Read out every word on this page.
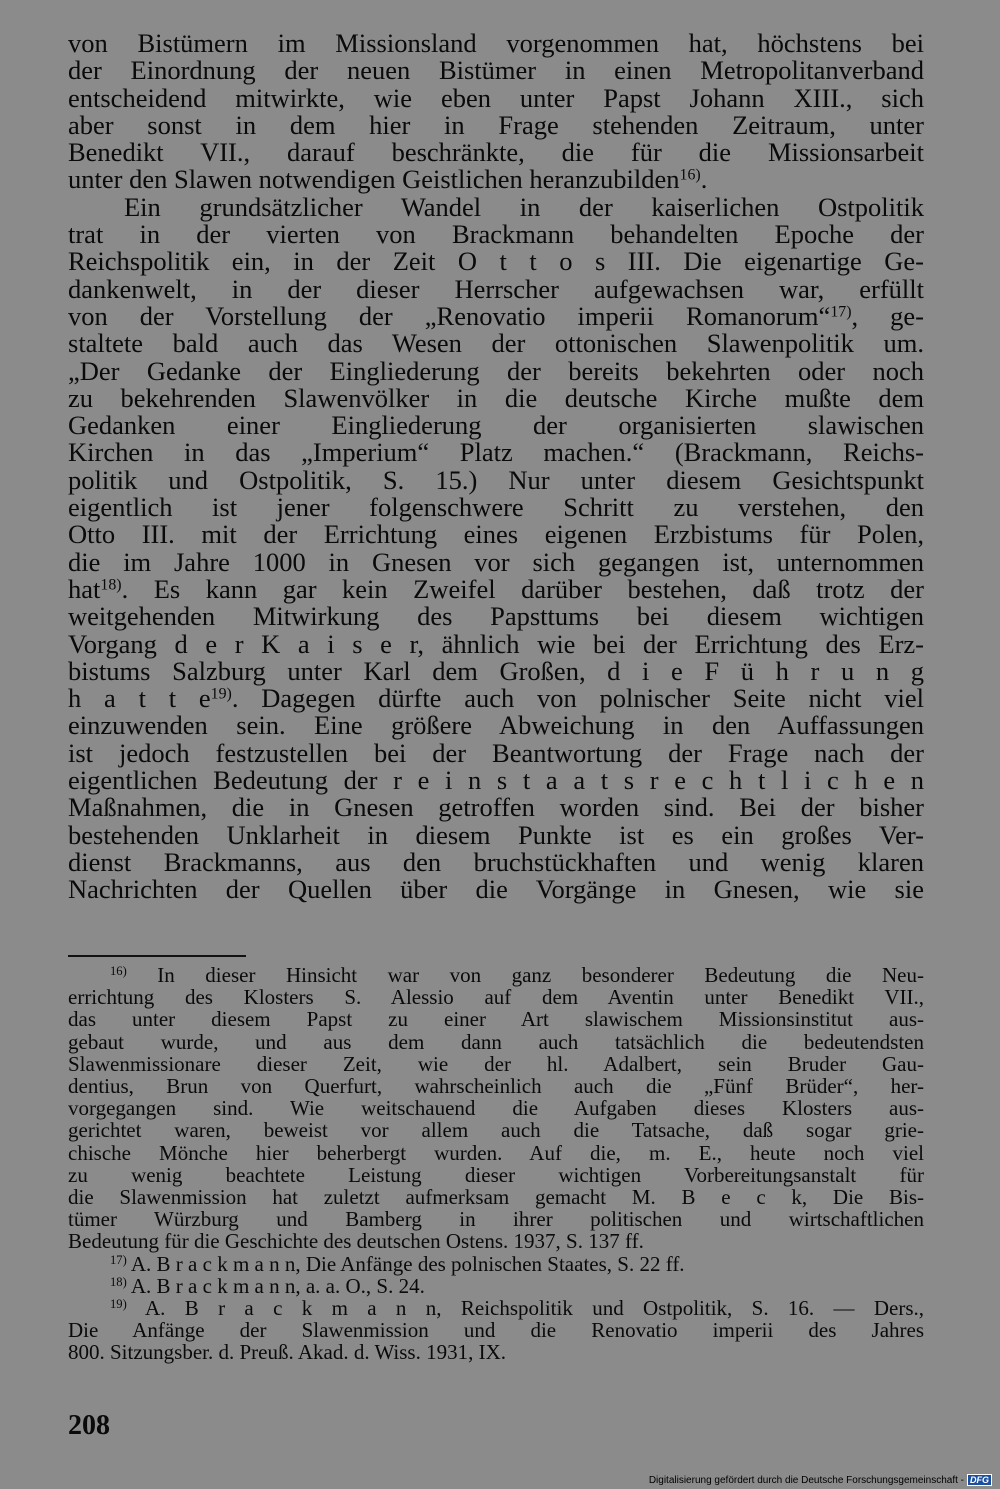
von Bistümern im Missionsland vorgenommen hat, höchstens bei
der Einordnung der neuen Bistümer in einen Metropolitanverband
entscheidend mitwirkte, wie eben unter Papst Johann XIII., sich
aber sonst in dem hier in Frage stehenden Zeitraum, unter
Benedikt VII., darauf beschränkte, die für die Missionsarbeit
unter den Slawen notwendigen Geistlichen heranzubilden$^{16)}$.
Ein grundsätzlicher Wandel in der kaiserlichen Ostpolitik
trat in der vierten von Brackmann behandelten Epoche der
Reichspolitik ein, in der Zeit O t t o s III. Die eigenartige Ge-
dankenwelt, in der dieser Herrscher aufgewachsen war, erfüllt
von der Vorstellung der „Renovatio imperii Romanorum“$^{17)}$, ge-
staltete bald auch das Wesen der ottonischen Slawenpolitik um.
„Der Gedanke der Eingliederung der bereits bekehrten oder noch
zu bekehrenden Slawenvölker in die deutsche Kirche mußte dem
Gedanken einer Eingliederung der organisierten slawischen
Kirchen in das „Imperium“ Platz machen.“ (Brackmann, Reichs-
politik und Ostpolitik, S. 15.) Nur unter diesem Gesichtspunkt
eigentlich ist jener folgenschwere Schritt zu verstehen, den
Otto III. mit der Errichtung eines eigenen Erzbistums für Polen,
die im Jahre 1000 in Gnesen vor sich gegangen ist, unternommen
hat$^{18)}$. Es kann gar kein Zweifel darüber bestehen, daß trotz der
weitgehenden Mitwirkung des Papsttums bei diesem wichtigen
Vorgang d e r K a i s e r, ähnlich wie bei der Errichtung des Erz-
bistums Salzburg unter Karl dem Großen, d i e F ü h r u n g
h a t t $e^{19)}$. Dagegen dürfte auch von polnischer Seite nicht viel
einzuwenden sein. Eine größere Abweichung in den Auffassungen
ist jedoch festzustellen bei der Beantwortung der Frage nach der
eigentlichen Bedeutung der r e i n s t a a t s r e c h t l i c h e n
Maßnahmen, die in Gnesen getroffen worden sind. Bei der bisher
bestehenden Unklarheit in diesem Punkte ist es ein großes Ver-
dienst Brackmanns, aus den bruchstückhaften und wenig klaren
Nachrichten der Quellen über die Vorgänge in Gnesen, wie sie
$^{16)}$ In dieser Hinsicht war von ganz besonderer Bedeutung die Neu-
errichtung des Klosters S. Alessio auf dem Aventin unter Benedikt VII.,
das unter diesem Papst zu einer Art slawischem Missionsinstitut aus-
gebaut wurde, und aus dem dann auch tatsächlich die bedeutendsten
Slawenmissionare dieser Zeit, wie der hl. Adalbert, sein Bruder Gau-
dentius, Brun von Querfurt, wahrscheinlich auch die „Fünf Brüder“, her-
vorgegangen sind. Wie weitschauend die Aufgaben dieses Klosters aus-
gerichtet waren, beweist vor allem auch die Tatsache, daß sogar grie-
chische Mönche hier beherbergt wurden. Auf die, m. E., heute noch viel
zu wenig beachtete Leistung dieser wichtigen Vorbereitungsanstalt für
die Slawenmission hat zuletzt aufmerksam gemacht M. B e c k, Die Bis-
tümer Würzburg und Bamberg in ihrer politischen und wirtschaftlichen
Bedeutung für die Geschichte des deutschen Ostens. 1937, S. 137 ff.
$^{17)}$ A. B r a c k m a n n, Die Anfänge des polnischen Staates, S. 22 ff.
$^{18)}$ A. B r a c k m a n n, a. a. O., S. 24.
$^{19)}$ A. B r a c k m a n n, Reichspolitik und Ostpolitik, S. 16. — Ders.,
Die Anfänge der Slawenmission und die Renovatio imperii des Jahres
800. Sitzungsber. d. Preuß. Akad. d. Wiss. 1931, IX.
208
Digitalisierung gefördert durch die Deutsche Forschungsgemeinschaft - DFG
